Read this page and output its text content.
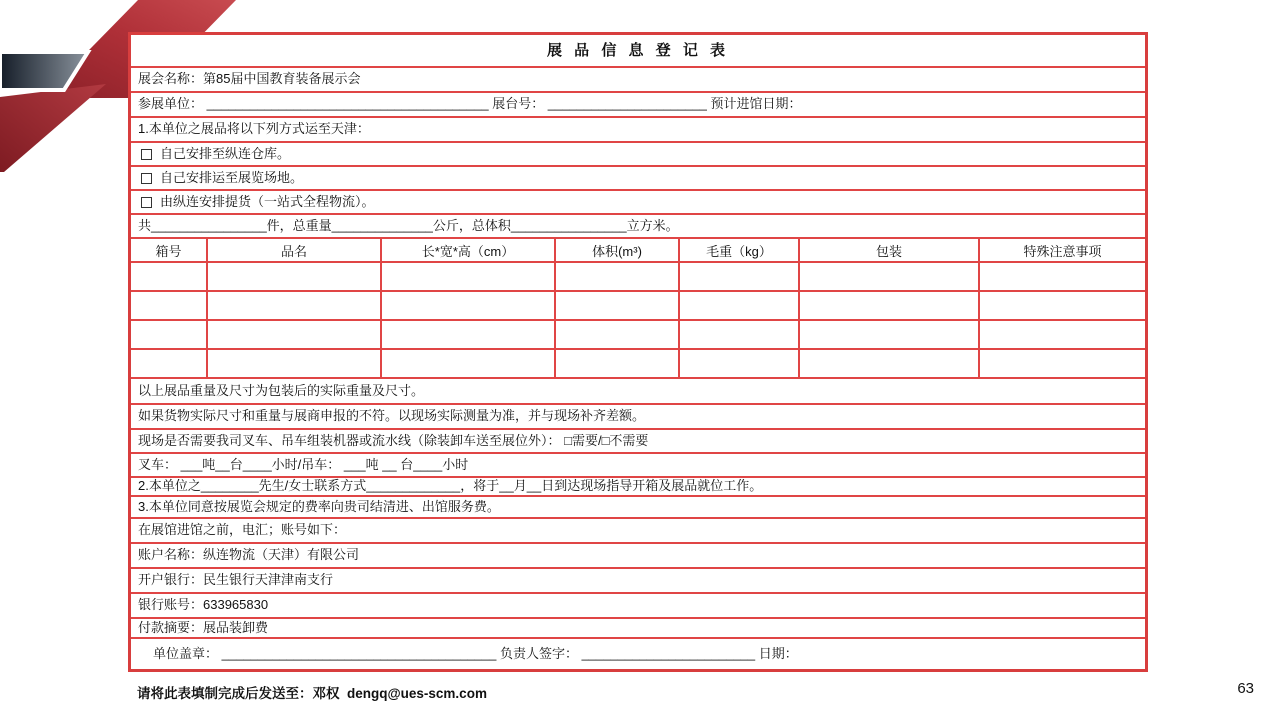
展 品 信 息 登 记 表
展会名称：第85届中国教育装备展示会
参展单位： _______________________________________ 展台号： ______________________ 预计进馆日期：
1.本单位之展品将以下列方式运至天津：
自己安排至纵连仓库。
自己安排运至展览场地。
由纵连安排提货（一站式全程物流）。
共________________件，总重量______________公斤，总体积________________立方米。
箱号	品名	长*宽*高（cm）	体积(m³)	毛重（kg）	包装	特殊注意事项
以上展品重量及尺寸为包装后的实际重量及尺寸。
如果货物实际尺寸和重量与展商申报的不符。以现场实际测量为准，并与现场补齐差额。
现场是否需要我司叉车、吊车组装机器或流水线（除装卸车送至展位外）： □需要/□不需要
叉车： ___吨__台____小时/吊车： ___吨 __ 台____小时
2.本单位之________先生/女士联系方式_____________，将于__月__日到达现场指导开箱及展品就位工作。
3.本单位同意按展览会规定的费率向贵司结清进、出馆服务费。
在展馆进馆之前，电汇；账号如下：
账户名称：纵连物流（天津）有限公司
开户银行：民生银行天津津南支行
银行账号：633965830
付款摘要：展品装卸费
单位盖章： ______________________________________ 负责人签字： ________________________ 日期：
请将此表填制完成后发送至：邓权  dengq@ues-scm.com	63
